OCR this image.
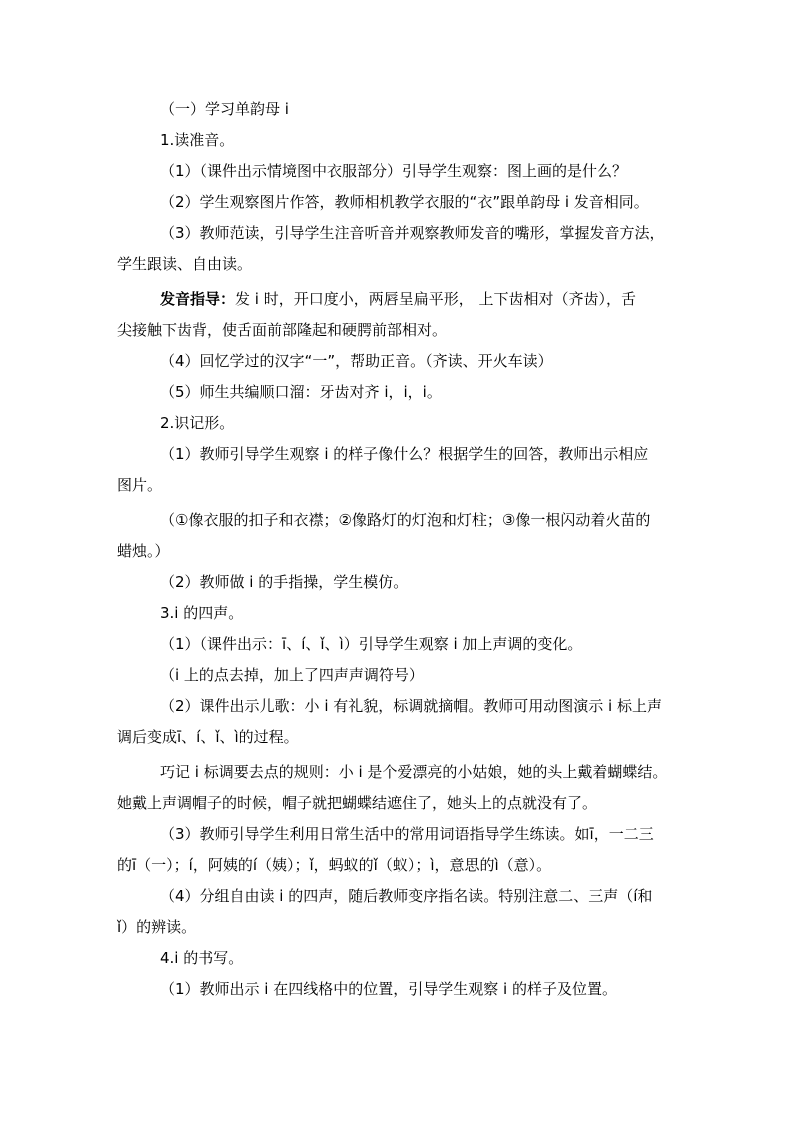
（一）学习单韵母 i
1.读准音。
（1）（课件出示情境图中衣服部分）引导学生观察：图上画的是什么？
（2）学生观察图片作答，教师相机教学衣服的“衣”跟单韵母 i 发音相同。
（3）教师范读，引导学生注音听音并观察教师发音的嘴形，掌握发音方法，
学生跟读、自由读。
发音指导：发 i 时，开口度小，两唇呈扁平形， 上下齿相对（齐齿），舌
尖接触下齿背，使舌面前部隆起和硬腭前部相对。
（4）回忆学过的汉字“一”，帮助正音。（齐读、开火车读）
（5）师生共编顺口溜：牙齿对齐 i，i，i。
2.识记形。
（1）教师引导学生观察 i 的样子像什么？根据学生的回答，教师出示相应
图片。
（①像衣服的扣子和衣襟；②像路灯的灯泡和灯柱；③像一根闪动着火苗的
蜡烛。）
（2）教师做 i 的手指操，学生模仿。
3.i 的四声。
（1）（课件出示：ī、í、ǐ、ì）引导学生观察 i 加上声调的变化。
（i 上的点去掉，加上了四声声调符号）
（2）课件出示儿歌：小 i 有礼貌，标调就摘帽。教师可用动图演示 i 标上声
调后变成ī、í、ǐ、ì的过程。
巧记 i 标调要去点的规则：小 i 是个爱漂亮的小姑娘，她的头上戴着蝴蝶结。
她戴上声调帽子的时候，帽子就把蝴蝶结遮住了，她头上的点就没有了。
（3）教师引导学生利用日常生活中的常用词语指导学生练读。如ī，一二三
的ī（一）；í，阿姨的í（姨）；ǐ，蚂蚁的ǐ（蚁）；ì，意思的ì（意）。
（4）分组自由读 i 的四声，随后教师变序指名读。特别注意二、三声（í和
ǐ）的辨读。
4.i 的书写。
（1）教师出示 i 在四线格中的位置，引导学生观察 i 的样子及位置。
